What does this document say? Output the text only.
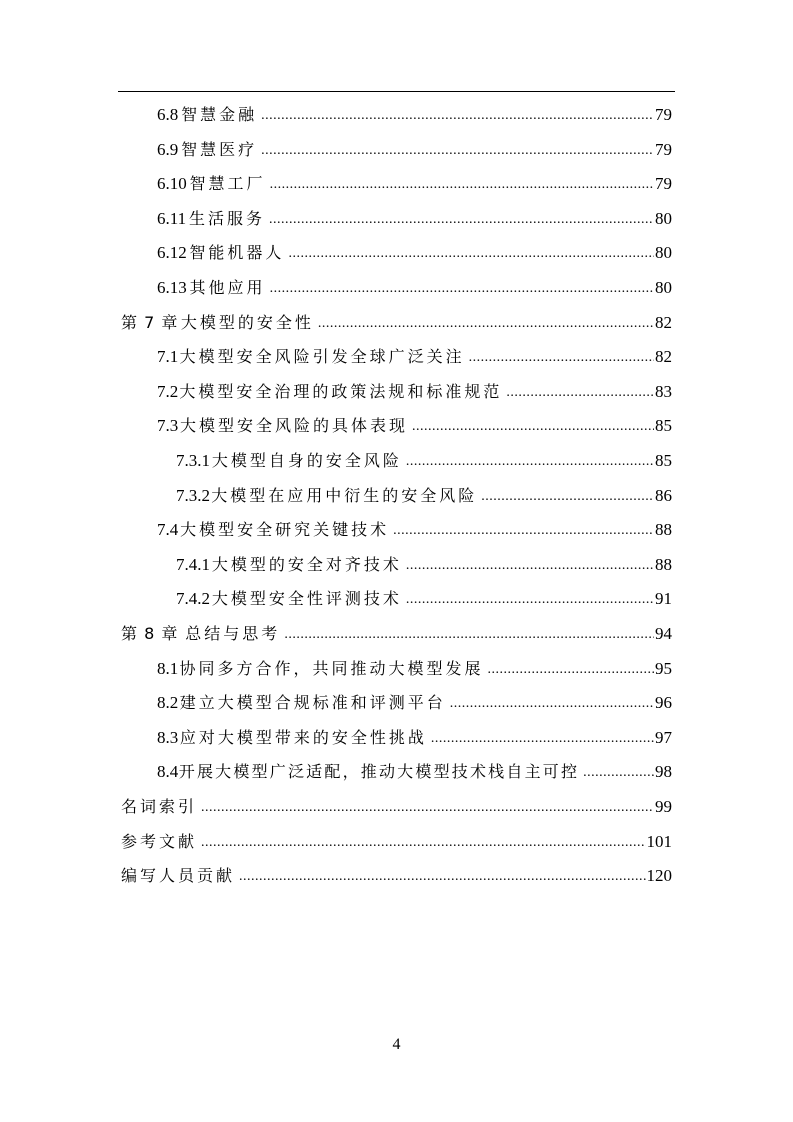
6.8 智慧金融 .....	79
6.9 智慧医疗 .....	79
6.10 智慧工厂 .....	79
6.11 生活服务 .....	80
6.12 智能机器人 .....	80
6.13 其他应用 .....	80
第 7 章 大模型的安全性 .....	82
7.1 大模型安全风险引发全球广泛关注 .....	82
7.2 大模型安全治理的政策法规和标准规范 .....	83
7.3 大模型安全风险的具体表现 .....	85
7.3.1 大模型自身的安全风险 .....	85
7.3.2 大模型在应用中衍生的安全风险 .....	86
7.4 大模型安全研究关键技术 .....	88
7.4.1 大模型的安全对齐技术 .....	88
7.4.2 大模型安全性评测技术 .....	91
第 8 章 总结与思考 .....	94
8.1 协同多方合作，共同推动大模型发展 .....	95
8.2 建立大模型合规标准和评测平台 .....	96
8.3 应对大模型带来的安全性挑战 .....	97
8.4 开展大模型广泛适配，推动大模型技术栈自主可控 .....	98
名词索引 .....	99
参考文献 .....	101
编写人员贡献 .....	120
4
